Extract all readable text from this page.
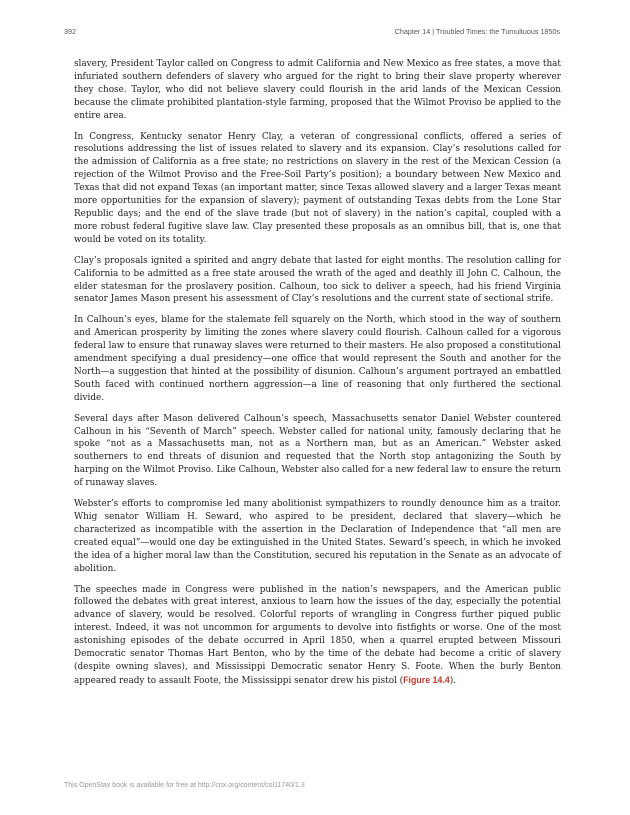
392	Chapter 14 | Troubled Times: the Tumultuous 1850s

slavery, President Taylor called on Congress to admit California and New Mexico as free states, a move that infuriated southern defenders of slavery who argued for the right to bring their slave property wherever they chose. Taylor, who did not believe slavery could flourish in the arid lands of the Mexican Cession because the climate prohibited plantation-style farming, proposed that the Wilmot Proviso be applied to the entire area.

In Congress, Kentucky senator Henry Clay, a veteran of congressional conflicts, offered a series of resolutions addressing the list of issues related to slavery and its expansion. Clay’s resolutions called for the admission of California as a free state; no restrictions on slavery in the rest of the Mexican Cession (a rejection of the Wilmot Proviso and the Free-Soil Party’s position); a boundary between New Mexico and Texas that did not expand Texas (an important matter, since Texas allowed slavery and a larger Texas meant more opportunities for the expansion of slavery); payment of outstanding Texas debts from the Lone Star Republic days; and the end of the slave trade (but not of slavery) in the nation’s capital, coupled with a more robust federal fugitive slave law. Clay presented these proposals as an omnibus bill, that is, one that would be voted on its totality.

Clay’s proposals ignited a spirited and angry debate that lasted for eight months. The resolution calling for California to be admitted as a free state aroused the wrath of the aged and deathly ill John C. Calhoun, the elder statesman for the proslavery position. Calhoun, too sick to deliver a speech, had his friend Virginia senator James Mason present his assessment of Clay’s resolutions and the current state of sectional strife.

In Calhoun’s eyes, blame for the stalemate fell squarely on the North, which stood in the way of southern and American prosperity by limiting the zones where slavery could flourish. Calhoun called for a vigorous federal law to ensure that runaway slaves were returned to their masters. He also proposed a constitutional amendment specifying a dual presidency—one office that would represent the South and another for the North—a suggestion that hinted at the possibility of disunion. Calhoun’s argument portrayed an embattled South faced with continued northern aggression—a line of reasoning that only furthered the sectional divide.

Several days after Mason delivered Calhoun’s speech, Massachusetts senator Daniel Webster countered Calhoun in his “Seventh of March” speech. Webster called for national unity, famously declaring that he spoke “not as a Massachusetts man, not as a Northern man, but as an American.” Webster asked southerners to end threats of disunion and requested that the North stop antagonizing the South by harping on the Wilmot Proviso. Like Calhoun, Webster also called for a new federal law to ensure the return of runaway slaves.

Webster’s efforts to compromise led many abolitionist sympathizers to roundly denounce him as a traitor. Whig senator William H. Seward, who aspired to be president, declared that slavery—which he characterized as incompatible with the assertion in the Declaration of Independence that “all men are created equal”—would one day be extinguished in the United States. Seward’s speech, in which he invoked the idea of a higher moral law than the Constitution, secured his reputation in the Senate as an advocate of abolition.

The speeches made in Congress were published in the nation’s newspapers, and the American public followed the debates with great interest, anxious to learn how the issues of the day, especially the potential advance of slavery, would be resolved. Colorful reports of wrangling in Congress further piqued public interest. Indeed, it was not uncommon for arguments to devolve into fistfights or worse. One of the most astonishing episodes of the debate occurred in April 1850, when a quarrel erupted between Missouri Democratic senator Thomas Hart Benton, who by the time of the debate had become a critic of slavery (despite owning slaves), and Mississippi Democratic senator Henry S. Foote. When the burly Benton appeared ready to assault Foote, the Mississippi senator drew his pistol (Figure 14.4).

This OpenStax book is available for free at http://cnx.org/content/col11740/1.3
